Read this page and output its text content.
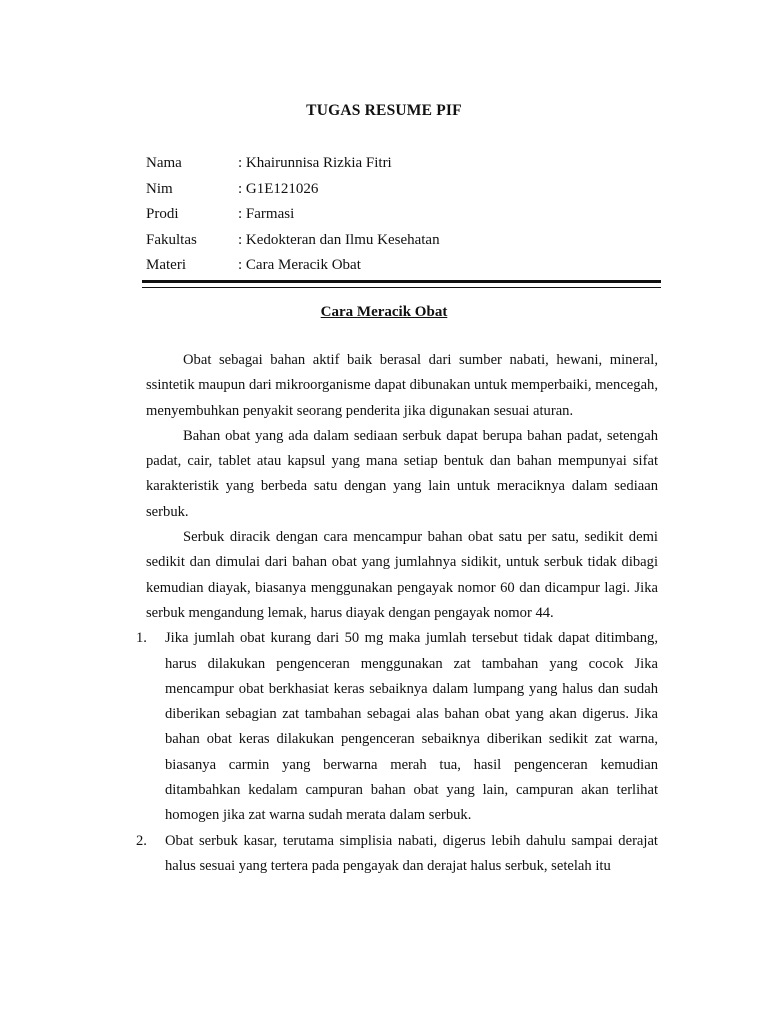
TUGAS RESUME PIF
Nama	: Khairunnisa Rizkia Fitri
Nim	: G1E121026
Prodi	: Farmasi
Fakultas	: Kedokteran dan Ilmu Kesehatan
Materi	: Cara Meracik Obat
Cara Meracik Obat

Obat sebagai bahan aktif baik berasal dari sumber nabati, hewani, mineral, ssintetik maupun dari mikroorganisme dapat dibunakan untuk memperbaiki, mencegah, menyembuhkan penyakit seorang penderita jika digunakan sesuai aturan.

Bahan obat yang ada dalam sediaan serbuk dapat berupa bahan padat, setengah padat, cair, tablet atau kapsul yang mana setiap bentuk dan bahan mempunyai sifat karakteristik yang berbeda satu dengan yang lain untuk meraciknya dalam sediaan serbuk.

Serbuk diracik dengan cara mencampur bahan obat satu per satu, sedikit demi sedikit dan dimulai dari bahan obat yang jumlahnya sidikit, untuk serbuk tidak dibagi kemudian diayak, biasanya menggunakan pengayak nomor 60 dan dicampur lagi. Jika serbuk mengandung lemak, harus diayak dengan pengayak nomor 44.

1. Jika jumlah obat kurang dari 50 mg maka jumlah tersebut tidak dapat ditimbang, harus dilakukan pengenceran menggunakan zat tambahan yang cocok Jika mencampur obat berkhasiat keras sebaiknya dalam lumpang yang halus dan sudah diberikan sebagian zat tambahan sebagai alas bahan obat yang akan digerus. Jika bahan obat keras dilakukan pengenceran sebaiknya diberikan sedikit zat warna, biasanya carmin yang berwarna merah tua, hasil pengenceran kemudian ditambahkan kedalam campuran bahan obat yang lain, campuran akan terlihat homogen jika zat warna sudah merata dalam serbuk.
2. Obat serbuk kasar, terutama simplisia nabati, digerus lebih dahulu sampai derajat halus sesuai yang tertera pada pengayak dan derajat halus serbuk, setelah itu
